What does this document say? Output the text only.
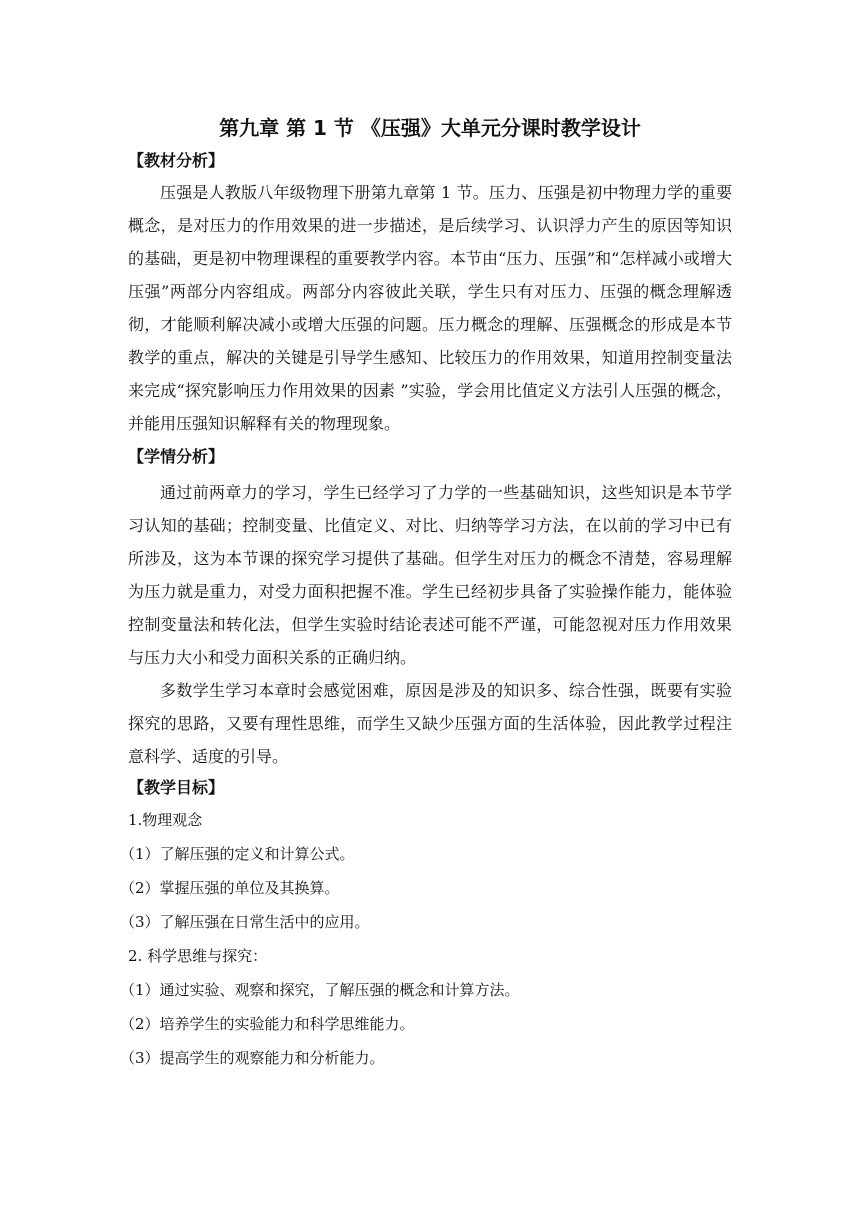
第九章 第 1 节 《压强》大单元分课时教学设计
【教材分析】

压强是人教版八年级物理下册第九章第 1 节。压力、压强是初中物理力学的重要概念，是对压力的作用效果的进一步描述，是后续学习、认识浮力产生的原因等知识的基础，更是初中物理课程的重要教学内容。本节由“压力、压强”和“怎样减小或增大压强”两部分内容组成。两部分内容彼此关联，学生只有对压力、压强的概念理解透彻，才能顺利解决减小或增大压强的问题。压力概念的理解、压强概念的形成是本节教学的重点，解决的关键是引导学生感知、比较压力的作用效果，知道用控制变量法来完成“探究影响压力作用效果的因素 ”实验，学会用比值定义方法引人压强的概念，并能用压强知识解释有关的物理现象。

【学情分析】

通过前两章力的学习，学生已经学习了力学的一些基础知识，这些知识是本节学习认知的基础；控制变量、比值定义、对比、归纳等学习方法，在以前的学习中已有所涉及，这为本节课的探究学习提供了基础。但学生对压力的概念不清楚，容易理解为压力就是重力，对受力面积把握不准。学生已经初步具备了实验操作能力，能体验控制变量法和转化法，但学生实验时结论表述可能不严谨，可能忽视对压力作用效果与压力大小和受力面积关系的正确归纳。

多数学生学习本章时会感觉困难，原因是涉及的知识多、综合性强，既要有实验探究的思路，又要有理性思维，而学生又缺少压强方面的生活体验，因此教学过程注意科学、适度的引导。

【教学目标】

1.物理观念

（1）了解压强的定义和计算公式。

（2）掌握压强的单位及其换算。

（3）了解压强在日常生活中的应用。

2. 科学思维与探究：

（1）通过实验、观察和探究，了解压强的概念和计算方法。

（2）培养学生的实验能力和科学思维能力。

（3）提高学生的观察能力和分析能力。
